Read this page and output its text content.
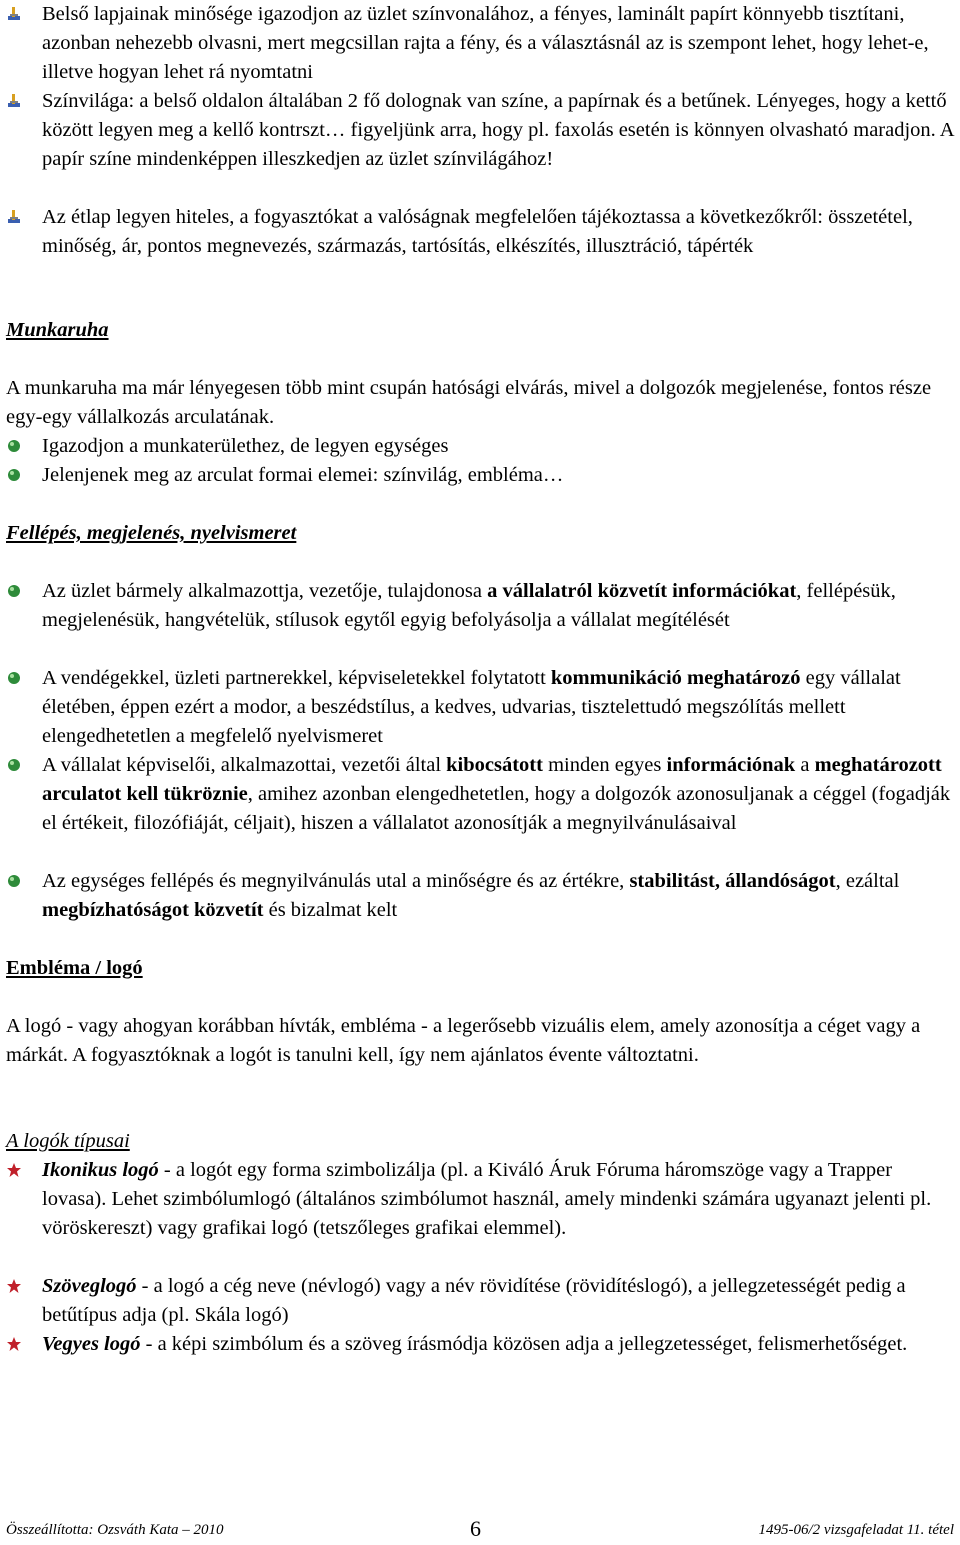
Belső lapjainak minősége igazodjon az üzlet színvonalához, a fényes, laminált papírt könnyebb tisztítani, azonban nehezebb olvasni, mert megcsillan rajta a fény, és a választásnál az is szempont lehet, hogy lehet-e, illetve hogyan lehet rá nyomtatni

Színvilága: a belső oldalon általában 2 fő dolognak van színe, a papírnak és a betűnek. Lényeges, hogy a kettő között legyen meg a kellő kontrszt… figyeljünk arra, hogy pl. faxolás esetén is könnyen olvasható maradjon. A papír színe mindenképpen illeszkedjen az üzlet színvilágához!

Az étlap legyen hiteles, a fogyasztókat a valóságnak megfelelően tájékoztassa a következőkről: összetétel, minőség, ár, pontos megnevezés, származás, tartósítás, elkészítés, illusztráció, tápérték

Munkaruha

A munkaruha ma már lényegesen több mint csupán hatósági elvárás, mivel a dolgozók megjelenése, fontos része egy-egy vállalkozás arculatának.

Igazodjon a munkaterülethez, de legyen egységes

Jelenjenek meg az arculat formai elemei: színvilág, embléma…

Fellépés, megjelenés, nyelvismeret

Az üzlet bármely alkalmazottja, vezetője, tulajdonosa a vállalatról közvetít információkat, fellépésük, megjelenésük, hangvételük, stílusok egytől egyig befolyásolja a vállalat megítélését

A vendégekkel, üzleti partnerekkel, képviseletekkel folytatott kommunikáció meghatározó egy vállalat életében, éppen ezért a modor, a beszédstílus, a kedves, udvarias, tisztelettudó megszólítás mellett elengedhetetlen a megfelelő nyelvismeret

A vállalat képviselői, alkalmazottai, vezetői által kibocsátott minden egyes információnak a meghatározott arculatot kell tükröznie, amihez azonban elengedhetetlen, hogy a dolgozók azonosuljanak a céggel (fogadják el értékeit, filozófiáját, céljait), hiszen a vállalatot azonosítják a megnyilvánulásaival

Az egységes fellépés és megnyilvánulás utal a minőségre és az értékre, stabilitást, állandóságot, ezáltal megbízhatóságot közvetít és bizalmat kelt

Embléma / logó

A logó - vagy ahogyan korábban hívták, embléma - a legerősebb vizuális elem, amely azonosítja a céget vagy a márkát. A fogyasztóknak a logót is tanulni kell, így nem ajánlatos évente változtatni.

A logók típusai

Ikonikus logó - a logót egy forma szimbolizálja (pl. a Kiváló Áruk Fóruma háromszöge vagy a Trapper lovasa). Lehet szimbólumlogó (általános szimbólumot használ, amely mindenki számára ugyanazt jelenti pl. vöröskereszt) vagy grafikai logó (tetszőleges grafikai elemmel).

Szöveglogó - a logó a cég neve (névlogó) vagy a név rövidítése (rövidítéslogó), a jellegzetességét pedig a betűtípus adja (pl. Skála logó)

Vegyes logó - a képi szimbólum és a szöveg írásmódja közösen adja a jellegzetességet, felismerhetőséget.

Összeállította: Ozsváth Kata – 2010	6	1495-06/2 vizsgafeladat 11. tétel
